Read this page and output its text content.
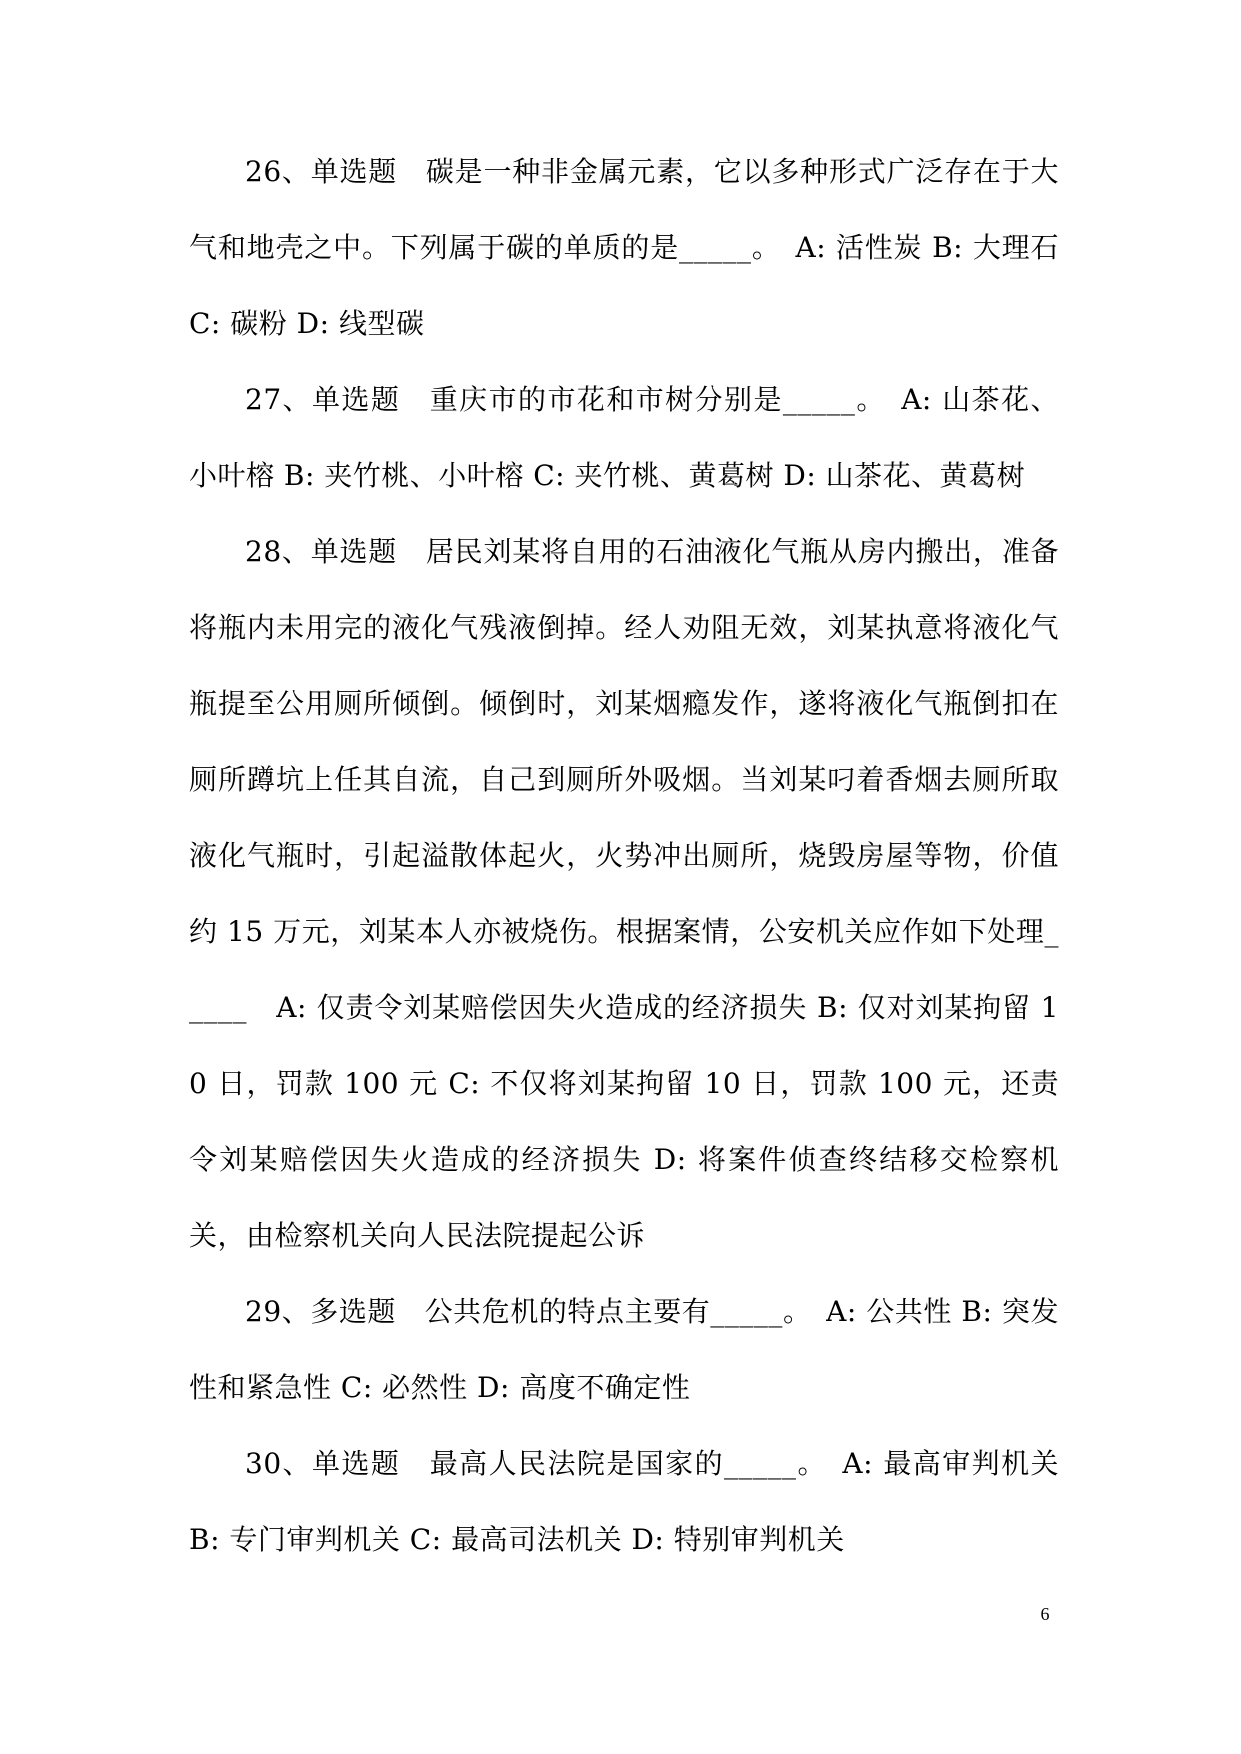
26、单选题　碳是一种非金属元素，它以多种形式广泛存在于大气和地壳之中。下列属于碳的单质的是_____。　A: 活性炭 B: 大理石 C: 碳粉 D: 线型碳

27、单选题　重庆市的市花和市树分别是_____。　A: 山茶花、小叶榕 B: 夹竹桃、小叶榕 C: 夹竹桃、黄葛树 D: 山茶花、黄葛树

28、单选题　居民刘某将自用的石油液化气瓶从房内搬出，准备将瓶内未用完的液化气残液倒掉。经人劝阻无效，刘某执意将液化气瓶提至公用厕所倾倒。倾倒时，刘某烟瘾发作，遂将液化气瓶倒扣在厕所蹲坑上任其自流，自己到厕所外吸烟。当刘某叼着香烟去厕所取液化气瓶时，引起溢散体起火，火势冲出厕所，烧毁房屋等物，价值约 15 万元，刘某本人亦被烧伤。根据案情，公安机关应作如下处理_____　A: 仅责令刘某赔偿因失火造成的经济损失 B: 仅对刘某拘留 10 日，罚款 100 元 C: 不仅将刘某拘留 10 日，罚款 100 元，还责令刘某赔偿因失火造成的经济损失 D: 将案件侦查终结移交检察机关，由检察机关向人民法院提起公诉

29、多选题　公共危机的特点主要有_____。　A: 公共性 B: 突发性和紧急性 C: 必然性 D: 高度不确定性

30、单选题　最高人民法院是国家的_____。　A: 最高审判机关 B: 专门审判机关 C: 最高司法机关 D: 特别审判机关

6
